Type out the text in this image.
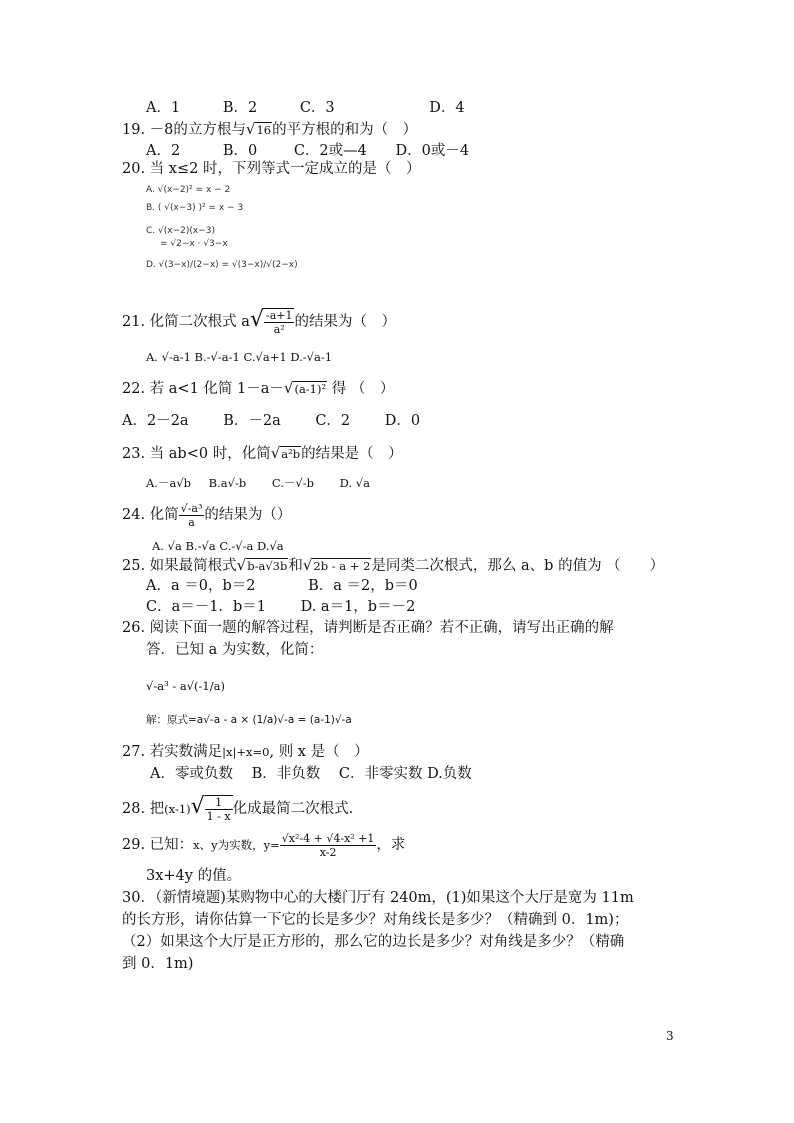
A．1	B．2	C．3	D．4
19. －8的立方根与√16的平方根的和为（　）
A．2	B．0	C．2或—4 D．0或－4
20. 当 x≤2 时，下列等式一定成立的是（　）
A. √(x−2)² = x − 2
B. ( √(x−3) )² = x − 3
C. √(x−2)(x−3)
= √2−x · √3−x
D. √(3−x)/(2−x) = √(3−x)/√(2−x)
21. 化简二次根式 $a√ \frac{-a+1}{\text{a²}}$ 的结果为（　）
A. √-a-1 B.-√-a-1 C.√a+1 D.-√a-1
22. 若 a<1 化简 1－a－√(a-1)² 得 （　）
A．2－2a B．－2a C．2 D．0
23. 当 ab<0 时，化简√a²b的结果是（　）
A.－a√b B.a√-b C.－√-b D. √a
24. 化简 $\frac{\text{√-a³}}{a}$ 的结果为（）
A. √a B.-√a C.-√-a D.√a
25. 如果最简根式√b-a√3b和√2b - a + 2是同类二次根式，那么 a、b 的值为 （　　）
A．a ＝0，b＝2	B．a ＝2，b＝0
C．a＝－1．b＝1 D. a＝1，b＝－2
26. 阅读下面一题的解答过程，请判断是否正确？若不正确，请写出正确的解
答．已知 a 为实数，化简：
√-a³ - a√(-1/a)
解：原式=a√-a - a × (1/a)√-a = (a-1)√-a
27. 若实数满足|x|+x=0, 则 x 是（　）
A．零或负数 B．非负数 C．非零实数 D.负数
28. 把$(x-1)√ \frac{1}{1 - x}$ 化成最简二次根式.
29. 已知：x、y为实数，$y= \frac{\text{√x²-4 + √4-x² +1}}{x-2}$ ，求
3x+4y 的值。
30．（新情境题)某购物中心的大楼门厅有 240m，(1)如果这个大厅是宽为 11m
的长方形，请你估算一下它的长是多少？对角线长是多少？（精确到 0．1m)；
（2）如果这个大厅是正方形的，那么它的边长是多少？对角线是多少？（精确
到 0．1m)
3
